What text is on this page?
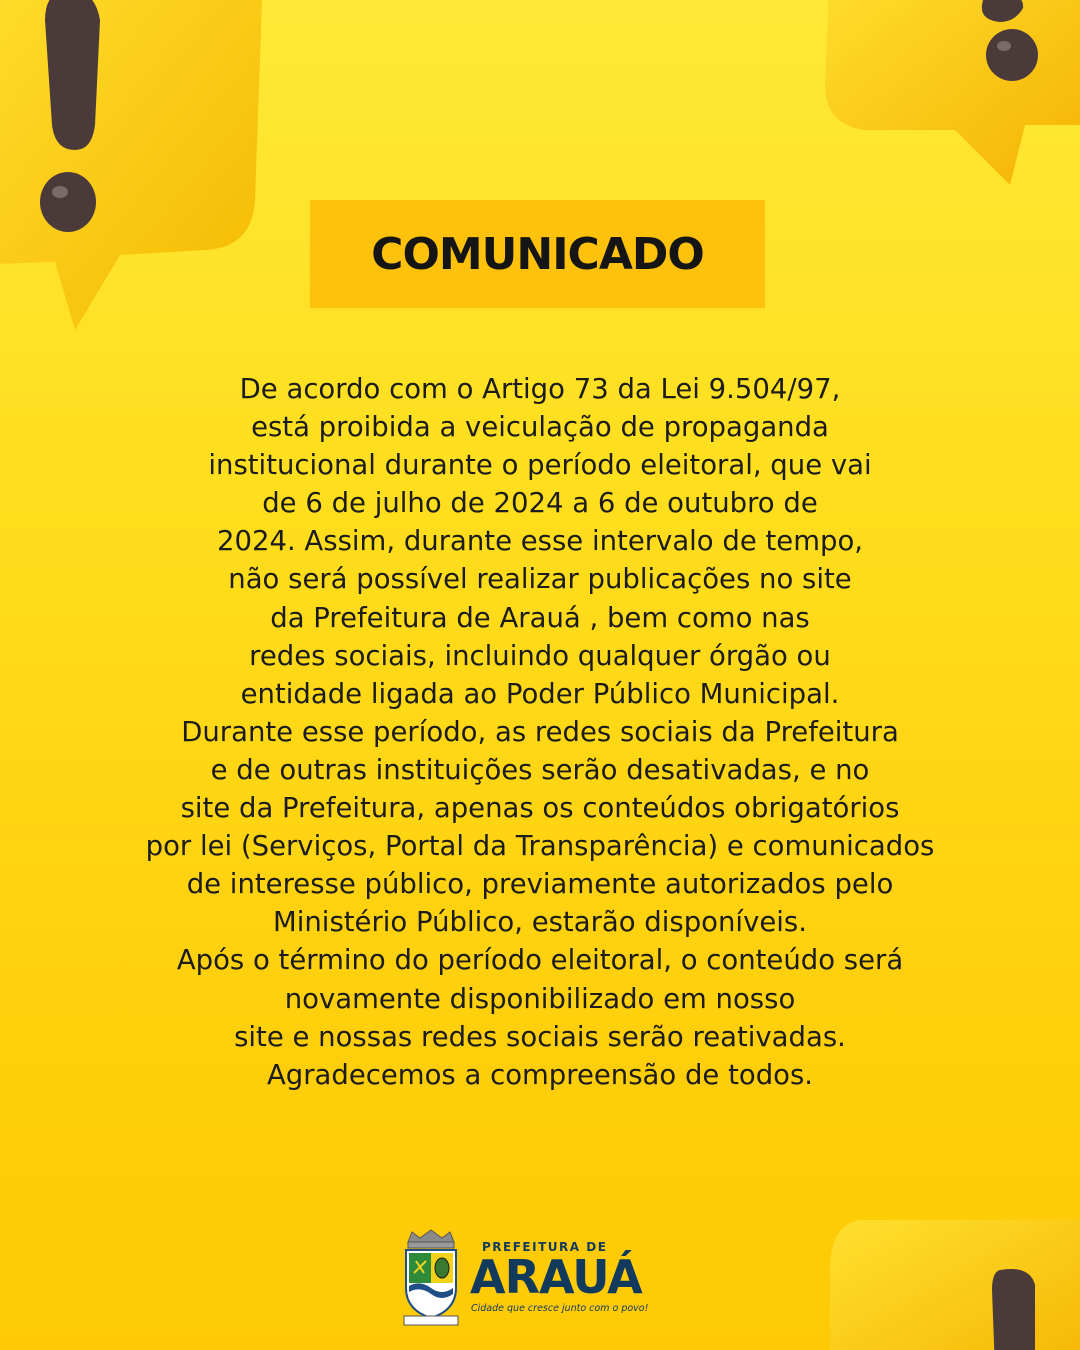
COMUNICADO
De acordo com o Artigo 73 da Lei 9.504/97,
está proibida a veiculação de propaganda
institucional durante o período eleitoral, que vai
de 6 de julho de 2024 a 6 de outubro de
2024. Assim, durante esse intervalo de tempo,
não será possível realizar publicações no site
da Prefeitura de Arauá , bem como nas
redes sociais, incluindo qualquer órgão ou
entidade ligada ao Poder Público Municipal.
Durante esse período, as redes sociais da Prefeitura
e de outras instituições serão desativadas, e no
site da Prefeitura, apenas os conteúdos obrigatórios
por lei (Serviços, Portal da Transparência) e comunicados
de interesse público, previamente autorizados pelo
Ministério Público, estarão disponíveis.
Após o término do período eleitoral, o conteúdo será
novamente disponibilizado em nosso
site e nossas redes sociais serão reativadas.
Agradecemos a compreensão de todos.
PREFEITURA DE
ARAUÁ
Cidade que cresce junto com o povo!
